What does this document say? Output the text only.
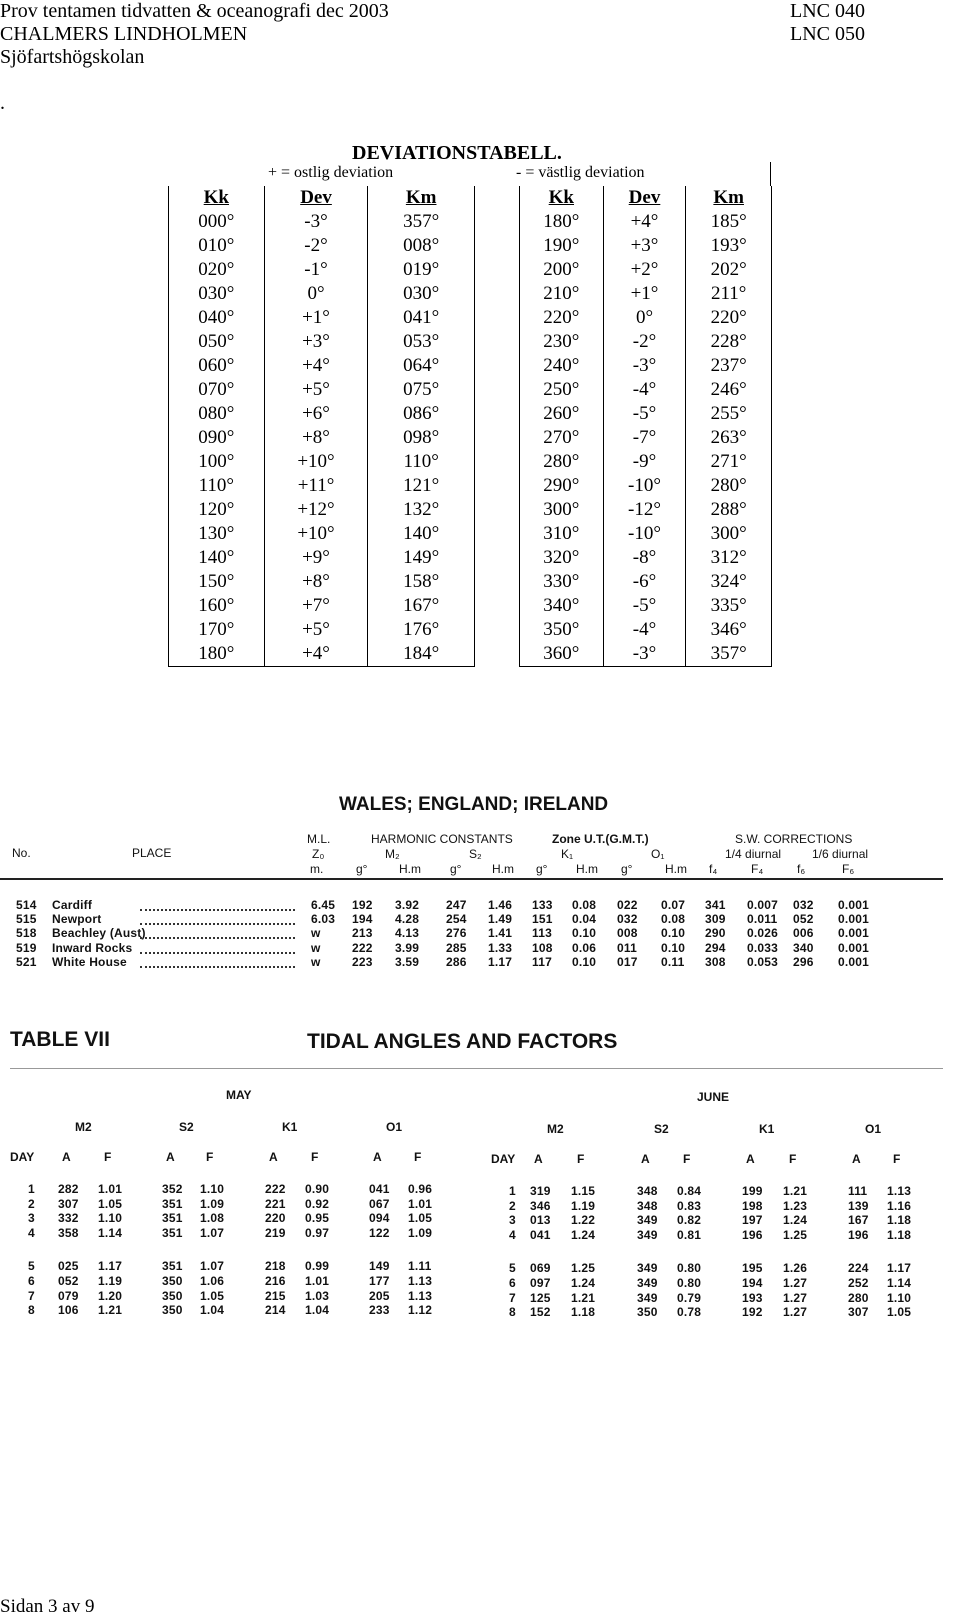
Prov tentamen tidvatten & oceanografi dec 2003	LNC 040
CHALMERS LINDHOLMEN	LNC 050
Sjöfartshögskolan
.
DEVIATIONSTABELL.
+ = ostlig deviation	- = västlig deviation
Kk	Dev	Km
000°	-3°	357°
010°	-2°	008°
020°	-1°	019°
030°	0°	030°
040°	+1°	041°
050°	+3°	053°
060°	+4°	064°
070°	+5°	075°
080°	+6°	086°
090°	+8°	098°
100°	+10°	110°
110°	+11°	121°
120°	+12°	132°
130°	+10°	140°
140°	+9°	149°
150°	+8°	158°
160°	+7°	167°
170°	+5°	176°
180°	+4°	184°
Kk	Dev	Km
180°	+4°	185°
190°	+3°	193°
200°	+2°	202°
210°	+1°	211°
220°	0°	220°
230°	-2°	228°
240°	-3°	237°
250°	-4°	246°
260°	-5°	255°
270°	-7°	263°
280°	-9°	271°
290°	-10°	280°
300°	-12°	288°
310°	-10°	300°
320°	-8°	312°
330°	-6°	324°
340°	-5°	335°
350°	-4°	346°
360°	-3°	357°
WALES; ENGLAND; IRELAND
No.	PLACE
M.L.
Z₀
m.
HARMONIC CONSTANTS
M₂	S₂
Zone U.T.(G.M.T.)
K₁	O₁
S.W. CORRECTIONS
1/4 diurnal	1/6 diurnal
g°	H.m g°	H.m g° H.m g°	H.m f₄	F₄	f₆	F₆
514 Cardiff	6.45 192 3.92 247 1.46 133 0.08 022 0.07 341 0.007 032 0.001
515 Newport	6.03 194 4.28 254 1.49 151 0.04 032 0.08 309 0.011 052 0.001
518 Beachley (Aust)	w	213 4.13 276 1.41 113 0.10 008 0.10 290 0.026 006 0.001
519 Inward Rocks	w	222 3.99 285 1.33 108 0.06 011 0.10 294 0.033 340 0.001
521 White House	w	223 3.59 286 1.17 117 0.10 017 0.11 308 0.053 296 0.001
TABLE VII	TIDAL ANGLES AND FACTORS
MAY	JUNE
M2	S2	K1	O1
DAY A	F	A	F	A	F	A	F
M2	S2	K1	O1
DAY A	F	A	F	A	F	A	F
1 282 1.01	352 1.10	222 0.90	041 0.96
2 307 1.05	351 1.09	221 0.92	067 1.01
3 332 1.10	351 1.08	220 0.95	094 1.05
4 358 1.14	351 1.07	219 0.97	122 1.09
5 025 1.17	351 1.07	218 0.99	149 1.11
6 052 1.19	350 1.06	216 1.01	177 1.13
7 079 1.20	350 1.05	215 1.03	205 1.13
8 106 1.21	350 1.04	214 1.04	233 1.12
1 319 1.15	348 0.84	199 1.21	111 1.13
2 346 1.19	348 0.83	198 1.23	139 1.16
3 013 1.22	349 0.82	197 1.24	167 1.18
4 041 1.24	349 0.81	196 1.25	196 1.18
5 069 1.25	349 0.80	195 1.26	224 1.17
6 097 1.24	349 0.80	194 1.27	252 1.14
7 125 1.21	349 0.79	193 1.27	280 1.10
8 152 1.18	350 0.78	192 1.27	307 1.05
Sidan 3 av 9
